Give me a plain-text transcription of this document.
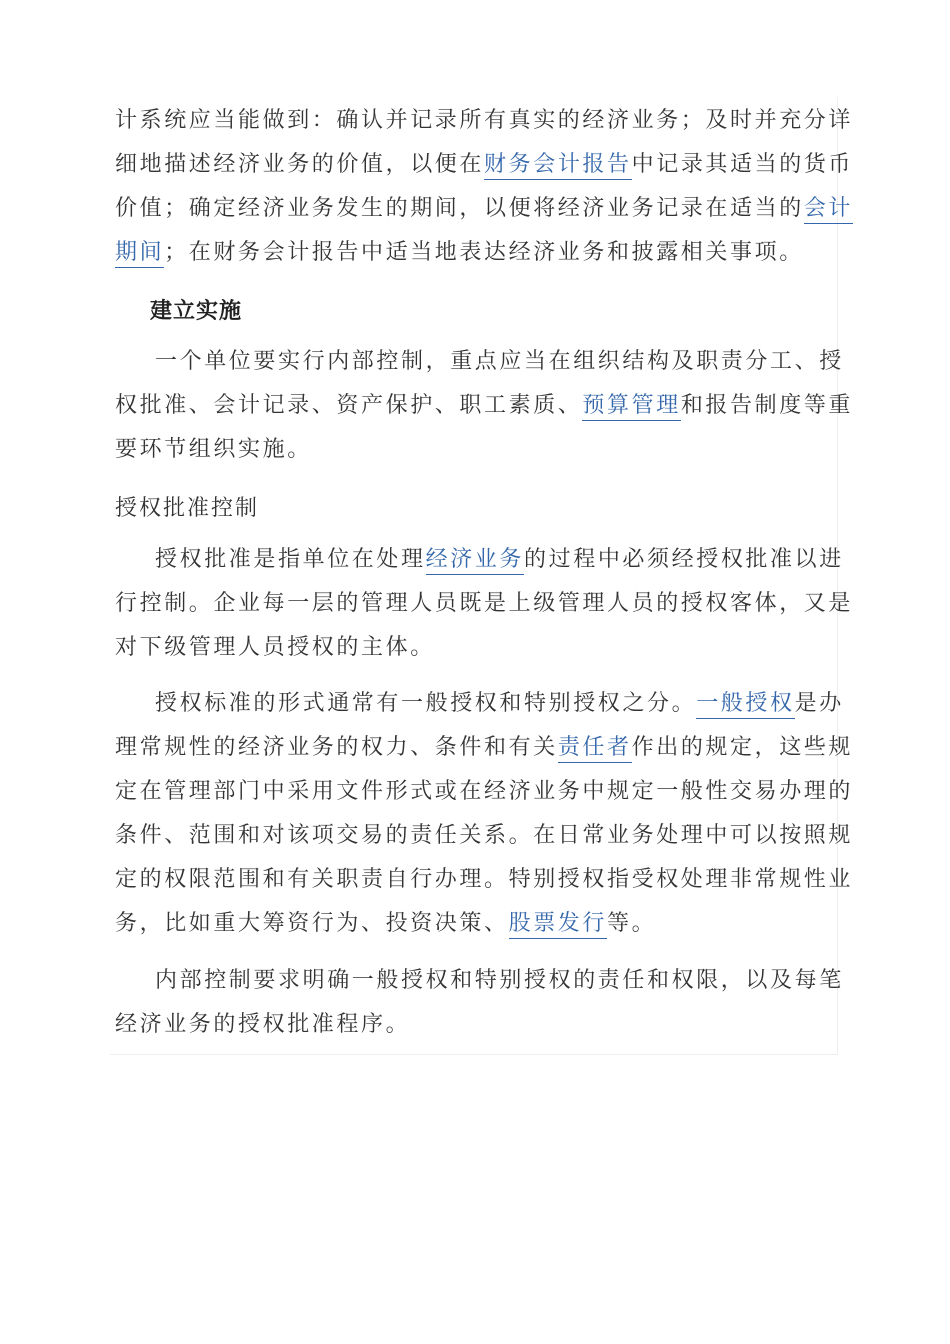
计系统应当能做到：确认并记录所有真实的经济业务；及时并充分详
细地描述经济业务的价值，以便在财务会计报告中记录其适当的货币
价值；确定经济业务发生的期间，以便将经济业务记录在适当的会计
期间；在财务会计报告中适当地表达经济业务和披露相关事项。
建立实施
一个单位要实行内部控制，重点应当在组织结构及职责分工、授
权批准、会计记录、资产保护、职工素质、预算管理和报告制度等重
要环节组织实施。
授权批准控制
授权批准是指单位在处理经济业务的过程中必须经授权批准以进
行控制。企业每一层的管理人员既是上级管理人员的授权客体，又是
对下级管理人员授权的主体。
授权标准的形式通常有一般授权和特别授权之分。一般授权是办
理常规性的经济业务的权力、条件和有关责任者作出的规定，这些规
定在管理部门中采用文件形式或在经济业务中规定一般性交易办理的
条件、范围和对该项交易的责任关系。在日常业务处理中可以按照规
定的权限范围和有关职责自行办理。特别授权指受权处理非常规性业
务，比如重大筹资行为、投资决策、股票发行等。
内部控制要求明确一般授权和特别授权的责任和权限，以及每笔
经济业务的授权批准程序。
